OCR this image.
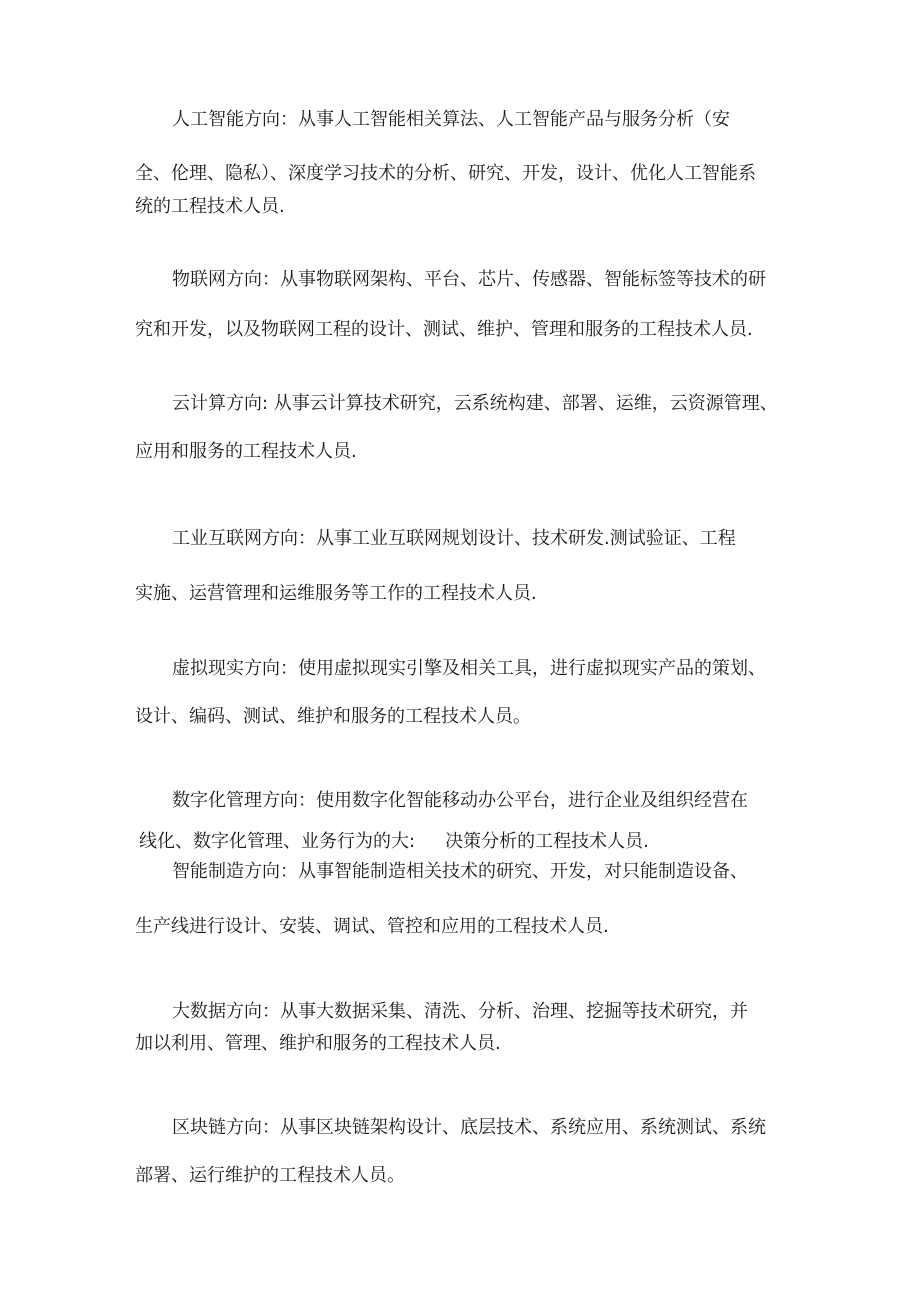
人工智能方向：从事人工智能相关算法、人工智能产品与服务分析（安
全、伦理、隐私）、深度学习技术的分析、研究、开发，设计、优化人工智能系
统的工程技术人员.
物联网方向：从事物联网架构、平台、芯片、传感器、智能标签等技术的研
究和开发，以及物联网工程的设计、测试、维护、管理和服务的工程技术人员.
云计算方向: 从事云计算技术研究，云系统构建、部署、运维，云资源管理、
应用和服务的工程技术人员.
工业互联网方向：从事工业互联网规划设计、技术研发.测试验证、工程
实施、运营管理和运维服务等工作的工程技术人员.
虚拟现实方向：使用虚拟现实引擎及相关工具，进行虚拟现实产品的策划、
设计、编码、测试、维护和服务的工程技术人员。
数字化管理方向：使用数字化智能移动办公平台，进行企业及组织经营在
线化、数字化管理、业务行为的大: 决策分析的工程技术人员.
智能制造方向：从事智能制造相关技术的研究、开发，对只能制造设备、
生产线进行设计、安装、调试、管控和应用的工程技术人员.
大数据方向：从事大数据采集、清洗、分析、治理、挖掘等技术研究，并
加以利用、管理、维护和服务的工程技术人员.
区块链方向：从事区块链架构设计、底层技术、系统应用、系统测试、系统
部署、运行维护的工程技术人员。
